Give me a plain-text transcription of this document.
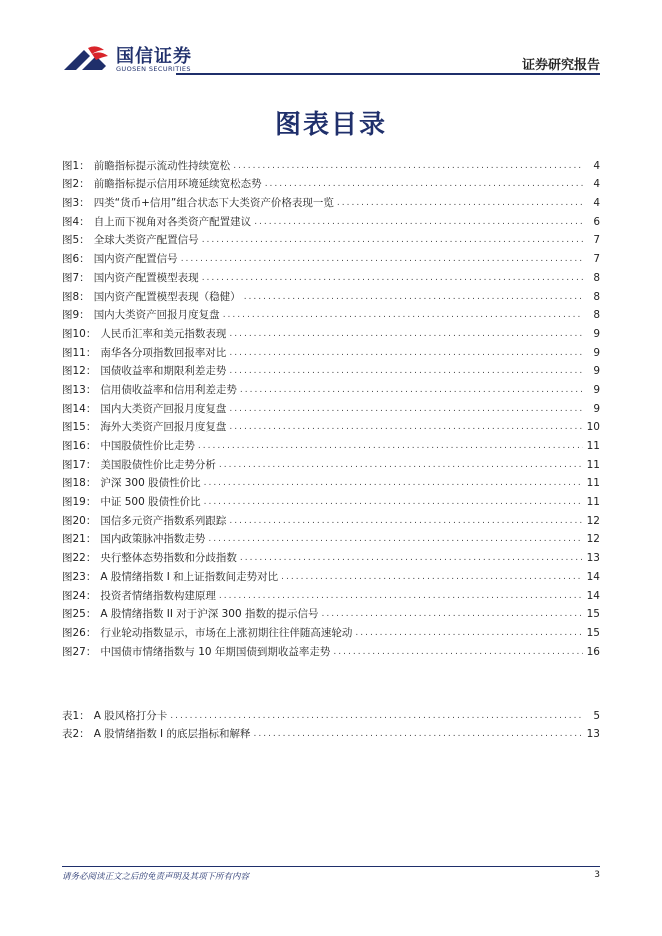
国信证券
GUOSEN SECURITIES	证券研究报告
图表目录
图1： 前瞻指标提示流动性持续宽松 .....	4
图2： 前瞻指标提示信用环境延续宽松态势 .....	4
图3： 四类“货币+信用”组合状态下大类资产价格表现一览 .....	4
图4： 自上而下视角对各类资产配置建议 .....	6
图5： 全球大类资产配置信号 .....	7
图6： 国内资产配置信号 .....	7
图7： 国内资产配置模型表现 .....	8
图8： 国内资产配置模型表现（稳健） .....	8
图9： 国内大类资产回报月度复盘 .....	8
图10： 人民币汇率和美元指数表现 .....	9
图11： 南华各分项指数回报率对比 .....	9
图12： 国债收益率和期限利差走势 .....	9
图13： 信用债收益率和信用利差走势 .....	9
图14： 国内大类资产回报月度复盘 .....	9
图15： 海外大类资产回报月度复盘 .....	10
图16： 中国股债性价比走势 .....	11
图17： 美国股债性价比走势分析 .....	11
图18： 沪深 300 股债性价比 .....	11
图19： 中证 500 股债性价比 .....	11
图20： 国信多元资产指数系列跟踪 .....	12
图21： 国内政策脉冲指数走势 .....	12
图22： 央行整体态势指数和分歧指数 .....	13
图23： A 股情绪指数 I 和上证指数间走势对比 .....	14
图24： 投资者情绪指数构建原理 .....	14
图25： A 股情绪指数 II 对于沪深 300 指数的提示信号 .....	15
图26： 行业轮动指数显示，市场在上涨初期往往伴随高速轮动 .....	15
图27： 中国债市情绪指数与 10 年期国债到期收益率走势 .....	16
表1： A 股风格打分卡 .....	5
表2： A 股情绪指数 I 的底层指标和解释 .....	13
请务必阅读正文之后的免责声明及其项下所有内容	3
